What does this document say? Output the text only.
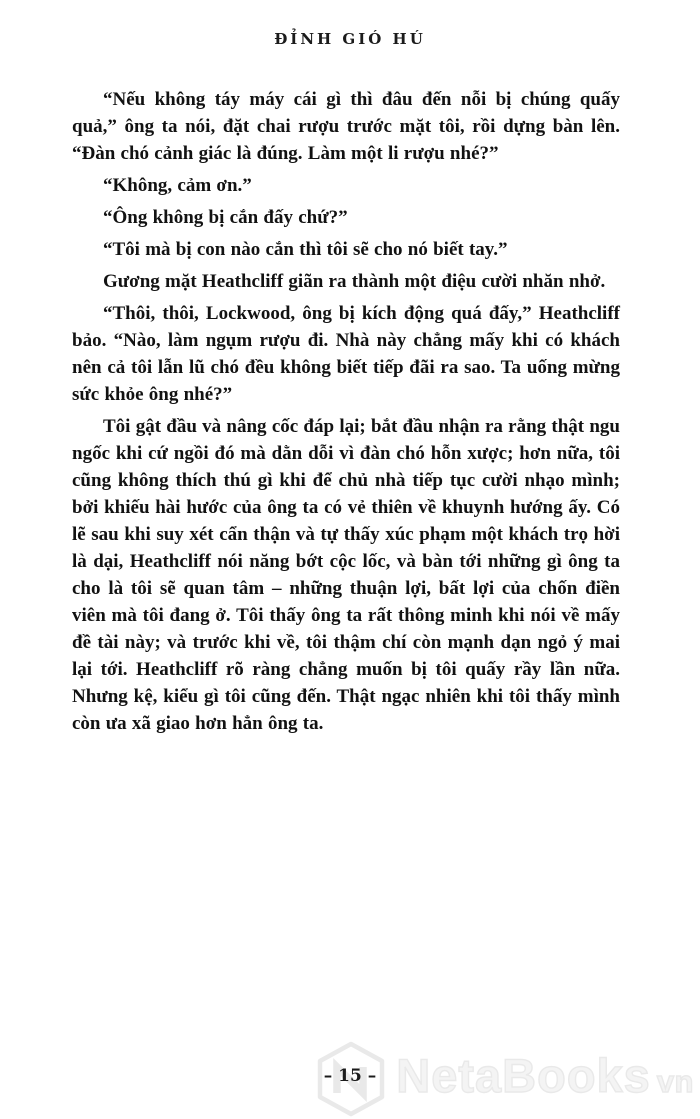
ĐỈNH GIÓ HÚ

“Nếu không táy máy cái gì thì đâu đến nỗi bị chúng quấy quả,” ông ta nói, đặt chai rượu trước mặt tôi, rồi dựng bàn lên. “Đàn chó cảnh giác là đúng. Làm một li rượu nhé?”

“Không, cảm ơn.”

“Ông không bị cắn đấy chứ?”

“Tôi mà bị con nào cắn thì tôi sẽ cho nó biết tay.”

Gương mặt Heathcliff giãn ra thành một điệu cười nhăn nhở.

“Thôi, thôi, Lockwood, ông bị kích động quá đấy,” Heathcliff bảo. “Nào, làm ngụm rượu đi. Nhà này chẳng mấy khi có khách nên cả tôi lẫn lũ chó đều không biết tiếp đãi ra sao. Ta uống mừng sức khỏe ông nhé?”

Tôi gật đầu và nâng cốc đáp lại; bắt đầu nhận ra rằng thật ngu ngốc khi cứ ngồi đó mà dằn dỗi vì đàn chó hỗn xược; hơn nữa, tôi cũng không thích thú gì khi để chủ nhà tiếp tục cười nhạo mình; bởi khiếu hài hước của ông ta có vẻ thiên về khuynh hướng ấy. Có lẽ sau khi suy xét cẩn thận và tự thấy xúc phạm một khách trọ hời là dại, Heathcliff nói năng bớt cộc lốc, và bàn tới những gì ông ta cho là tôi sẽ quan tâm – những thuận lợi, bất lợi của chốn điền viên mà tôi đang ở. Tôi thấy ông ta rất thông minh khi nói về mấy đề tài này; và trước khi về, tôi thậm chí còn mạnh dạn ngỏ ý mai lại tới. Heathcliff rõ ràng chẳng muốn bị tôi quấy rầy lần nữa. Nhưng kệ, kiểu gì tôi cũng đến. Thật ngạc nhiên khi tôi thấy mình còn ưa xã giao hơn hẳn ông ta.

– 15 – NetaBooks vn
